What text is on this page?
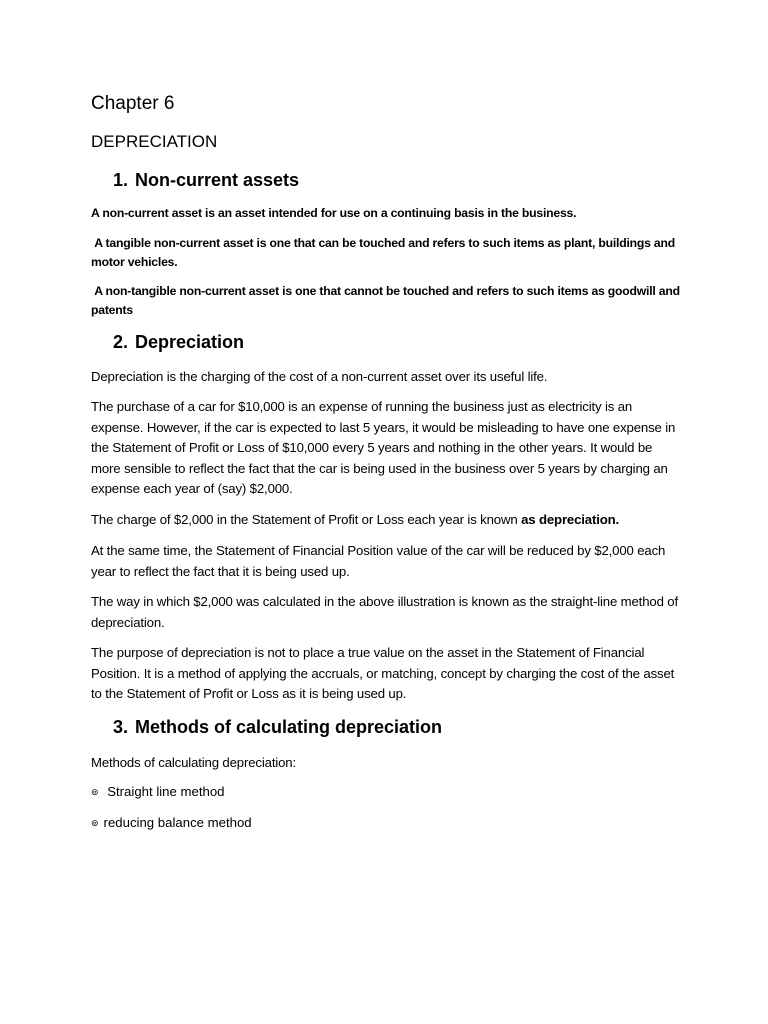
Chapter 6
DEPRECIATION
1. Non-current assets
A non-current asset is an asset intended for use on a continuing basis in the business.
A tangible non-current asset is one that can be touched and refers to such items as plant, buildings and motor vehicles.
A non-tangible non-current asset is one that cannot be touched and refers to such items as goodwill and patents
2. Depreciation
Depreciation is the charging of the cost of a non-current asset over its useful life.
The purchase of a car for $10,000 is an expense of running the business just as electricity is an expense. However, if the car is expected to last 5 years, it would be misleading to have one expense in the Statement of Profit or Loss of $10,000 every 5 years and nothing in the other years. It would be more sensible to reflect the fact that the car is being used in the business over 5 years by charging an expense each year of (say) $2,000.
The charge of $2,000 in the Statement of Profit or Loss each year is known as depreciation.
At the same time, the Statement of Financial Position value of the car will be reduced by $2,000 each year to reflect the fact that it is being used up.
The way in which $2,000 was calculated in the above illustration is known as the straight-line method of depreciation.
The purpose of depreciation is not to place a true value on the asset in the Statement of Financial Position. It is a method of applying the accruals, or matching, concept by charging the cost of the asset to the Statement of Profit or Loss as it is being used up.
3. Methods of calculating depreciation
Methods of calculating depreciation:
⊚ Straight line method
⊚ reducing balance method
